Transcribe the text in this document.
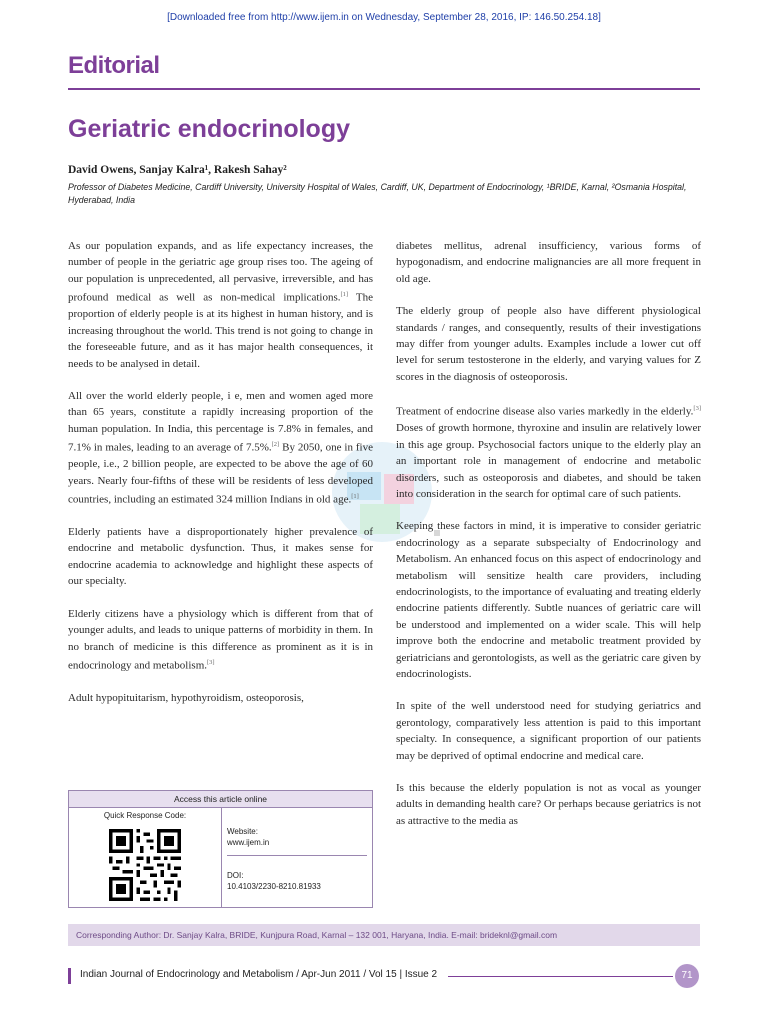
[Downloaded free from http://www.ijem.in on Wednesday, September 28, 2016, IP: 146.50.254.18]
Editorial
Geriatric endocrinology
David Owens, Sanjay Kalra¹, Rakesh Sahay²
Professor of Diabetes Medicine, Cardiff University, University Hospital of Wales, Cardiff, UK, Department of Endocrinology, ¹BRIDE, Karnal, ²Osmania Hospital, Hyderabad, India

As our population expands, and as life expectancy increases, the number of people in the geriatric age group rises too. The ageing of our population is unprecedented, all pervasive, irreversible, and has profound medical as well as non-medical implications.[1] The proportion of elderly people is at its highest in human history, and is increasing throughout the world. This trend is not going to change in the foreseeable future, and as it has major health consequences, it needs to be analysed in detail.

All over the world elderly people, i e, men and women aged more than 65 years, constitute a rapidly increasing proportion of the human population. In India, this percentage is 7.8% in females, and 7.1% in males, leading to an average of 7.5%.[2] By 2050, one in five people, i.e., 2 billion people, are expected to be above the age of 60 years. Nearly four-fifths of these will be residents of less developed countries, including an estimated 324 million Indians in old age.[1]

Elderly patients have a disproportionately higher prevalence of endocrine and metabolic dysfunction. Thus, it makes sense for endocrine academia to acknowledge and highlight these aspects of our specialty.

Elderly citizens have a physiology which is different from that of younger adults, and leads to unique patterns of morbidity in them. In no branch of medicine is this difference as prominent as it is in endocrinology and metabolism.[3]

Adult hypopituitarism, hypothyroidism, osteoporosis,

diabetes mellitus, adrenal insufficiency, various forms of hypogonadism, and endocrine malignancies are all more frequent in old age.

The elderly group of people also have different physiological standards / ranges, and consequently, results of their investigations may differ from younger adults. Examples include a lower cut off level for serum testosterone in the elderly, and varying values for Z scores in the diagnosis of osteoporosis.

Treatment of endocrine disease also varies markedly in the elderly.[3] Doses of growth hormone, thyroxine and insulin are relatively lower in this age group. Psychosocial factors unique to the elderly play an an important role in management of endocrine and metabolic disorders, such as osteoporosis and diabetes, and should be taken into consideration in the search for optimal care of such patients.

Keeping these factors in mind, it is imperative to consider geriatric endocrinology as a separate subspecialty of Endocrinology and Metabolism. An enhanced focus on this aspect of endocrinology and metabolism will sensitize health care providers, including endocrinologists, to the importance of evaluating and treating elderly endocrine patients differently. Subtle nuances of geriatric care will be understood and implemented on a wider scale. This will help improve both the endocrine and metabolic treatment provided by geriatricians and gerontologists, as well as the geriatric care given by endocrinologists.

In spite of the well understood need for studying geriatrics and gerontology, comparatively less attention is paid to this important specialty. In consequence, a significant proportion of our patients may be deprived of optimal endocrine and medical care.

Is this because the elderly population is not as vocal as younger adults in demanding health care? Or perhaps because geriatrics is not as attractive to the media as

Access this article online
Quick Response Code:
Website:
www.ijem.in
DOI:
10.4103/2230-8210.81933
Corresponding Author: Dr. Sanjay Kalra, BRIDE, Kunjpura Road, Karnal – 132 001, Haryana, India. E-mail: brideknl@gmail.com
Indian Journal of Endocrinology and Metabolism / Apr-Jun 2011 / Vol 15 | Issue 2	71
